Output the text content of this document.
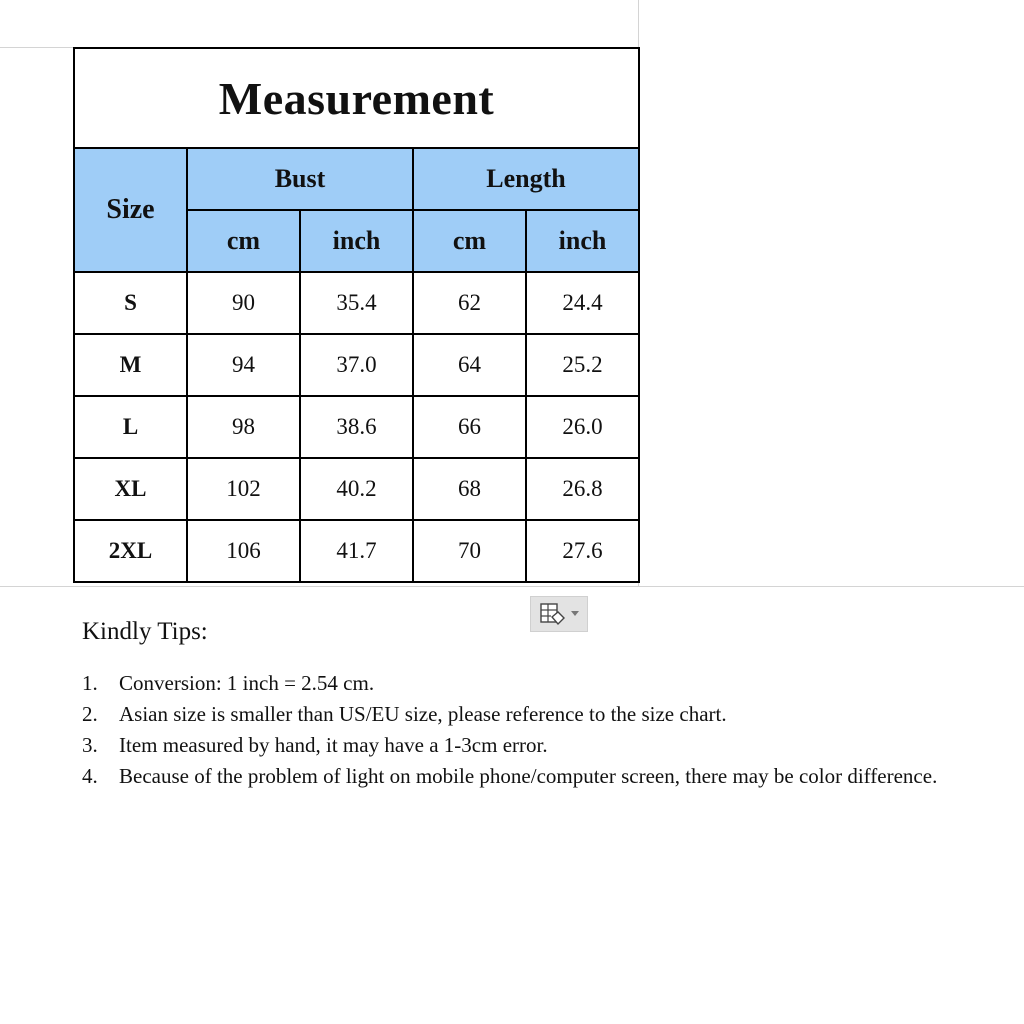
Measurement				
Size	Bust		Length	
	cm	inch	cm	inch
S	90	35.4	62	24.4
M	94	37.0	64	25.2
L	98	38.6	66	26.0
XL	102	40.2	68	26.8
2XL	106	41.7	70	27.6
Kindly Tips:
1.	Conversion: 1 inch = 2.54 cm.
2.	Asian size is smaller than US/EU size, please reference to the size chart.
3.	Item measured by hand, it may have a 1-3cm error.
4.	Because of the problem of light on mobile phone/computer screen, there may be color difference.
